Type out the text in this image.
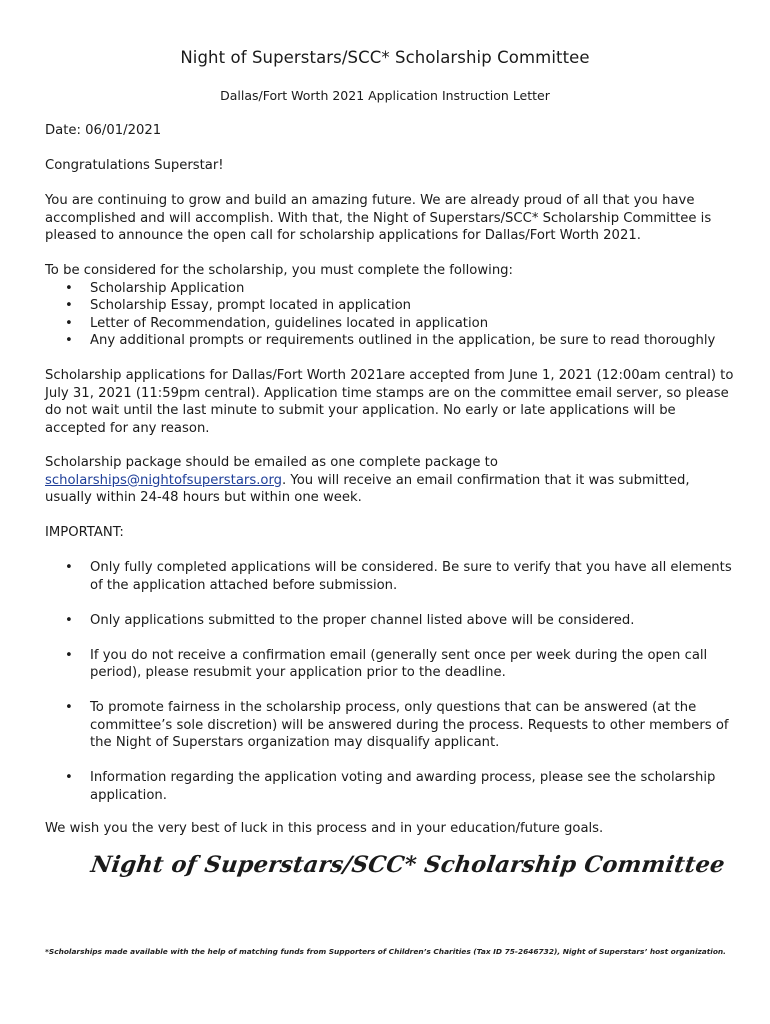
Night of Superstars/SCC* Scholarship Committee
Dallas/Fort Worth 2021 Application Instruction Letter

Date: 06/01/2021

Congratulations Superstar!

You are continuing to grow and build an amazing future. We are already proud of all that you have accomplished and will accomplish. With that, the Night of Superstars/SCC* Scholarship Committee is pleased to announce the open call for scholarship applications for Dallas/Fort Worth 2021.

To be considered for the scholarship, you must complete the following:

• Scholarship Application
• Scholarship Essay, prompt located in application
• Letter of Recommendation, guidelines located in application
• Any additional prompts or requirements outlined in the application, be sure to read thoroughly

Scholarship applications for Dallas/Fort Worth 2021are accepted from June 1, 2021 (12:00am central) to July 31, 2021 (11:59pm central). Application time stamps are on the committee email server, so please do not wait until the last minute to submit your application. No early or late applications will be accepted for any reason.

Scholarship package should be emailed as one complete package to scholarships@nightofsuperstars.org. You will receive an email confirmation that it was submitted, usually within 24-48 hours but within one week.

IMPORTANT:

• Only fully completed applications will be considered. Be sure to verify that you have all elements of the application attached before submission.
• Only applications submitted to the proper channel listed above will be considered.
• If you do not receive a confirmation email (generally sent once per week during the open call period), please resubmit your application prior to the deadline.
• To promote fairness in the scholarship process, only questions that can be answered (at the committee’s sole discretion) will be answered during the process. Requests to other members of the Night of Superstars organization may disqualify applicant.
• Information regarding the application voting and awarding process, please see the scholarship application.

We wish you the very best of luck in this process and in your education/future goals.

Night of Superstars/SCC* Scholarship Committee
*Scholarships made available with the help of matching funds from Supporters of Children’s Charities (Tax ID 75-2646732), Night of Superstars’ host organization.
